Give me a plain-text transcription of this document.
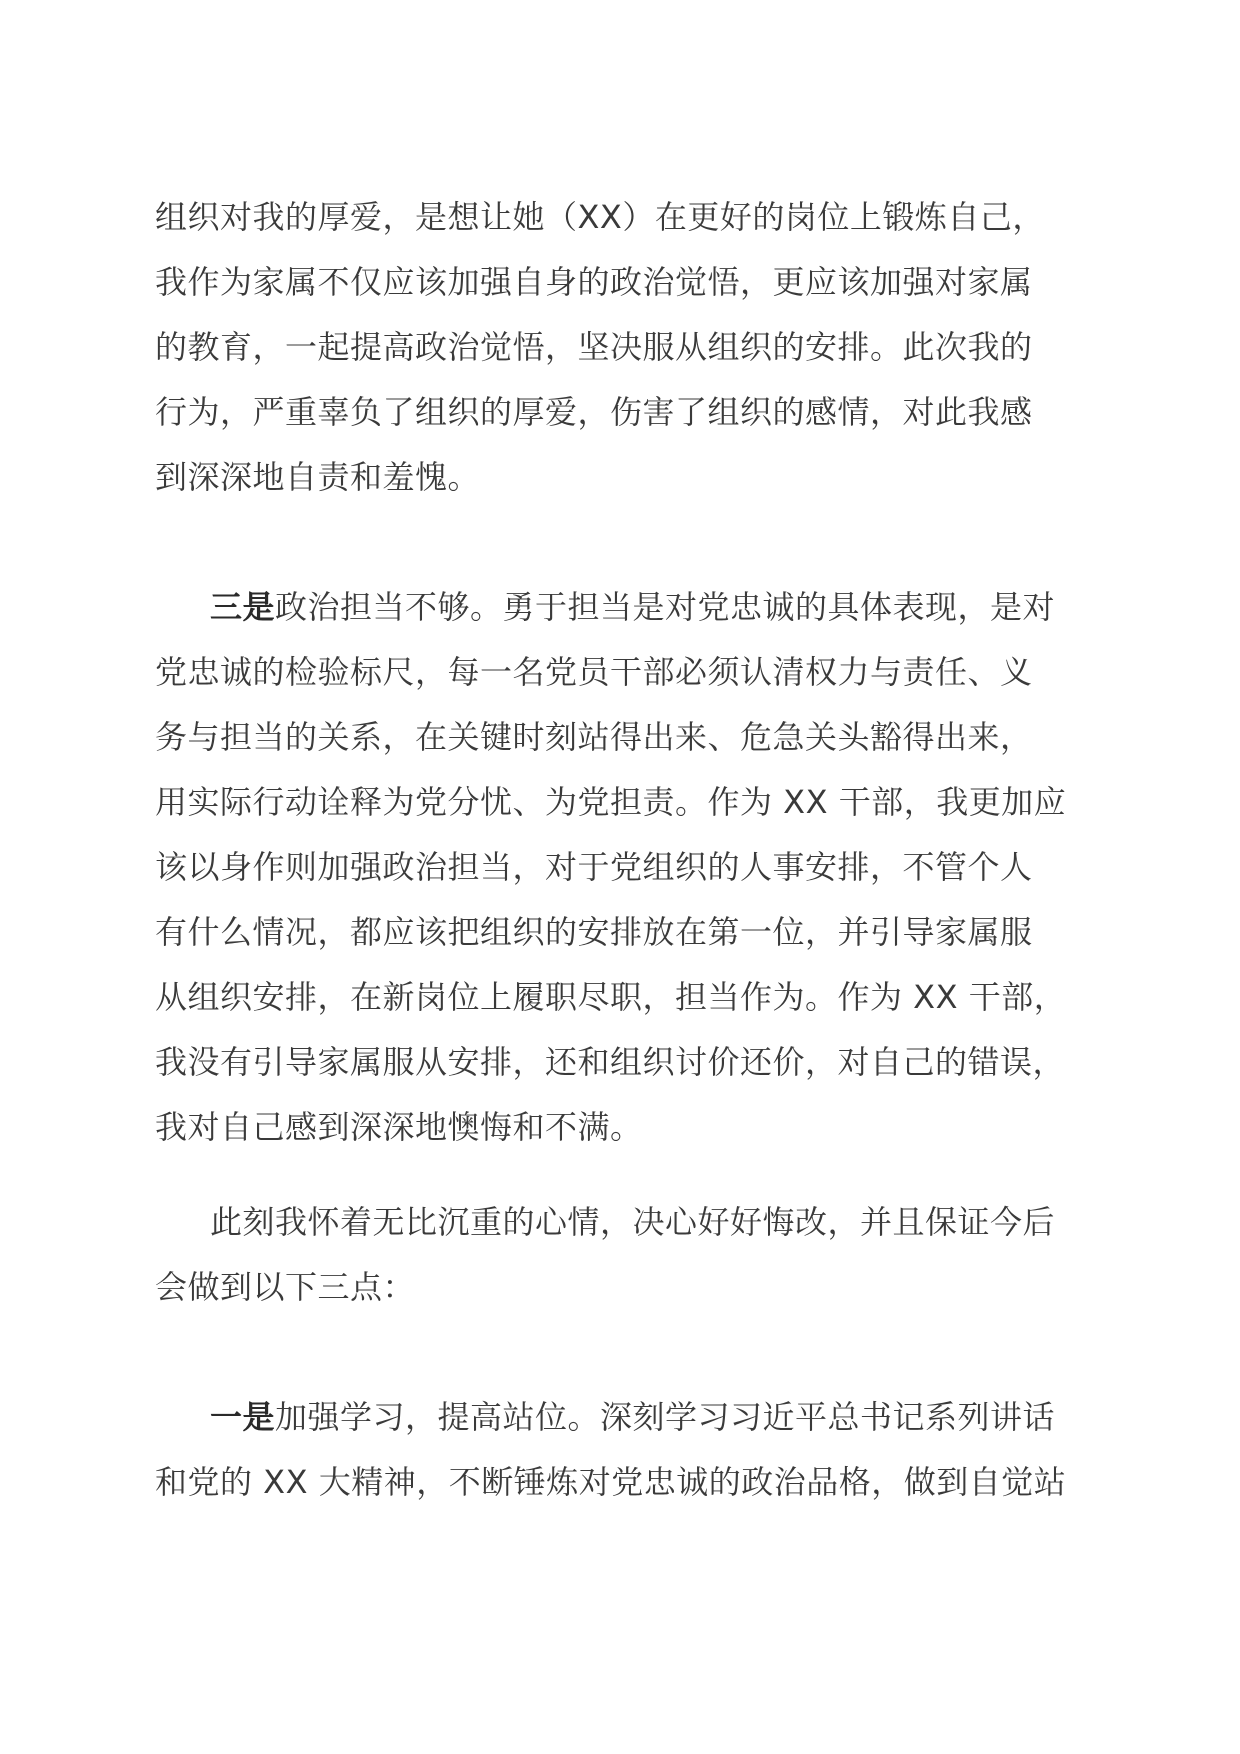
组织对我的厚爱，是想让她（XX）在更好的岗位上锻炼自己，
我作为家属不仅应该加强自身的政治觉悟，更应该加强对家属
的教育，一起提高政治觉悟，坚决服从组织的安排。此次我的
行为，严重辜负了组织的厚爱，伤害了组织的感情，对此我感
到深深地自责和羞愧。
三是政治担当不够。勇于担当是对党忠诚的具体表现，是对
党忠诚的检验标尺，每一名党员干部必须认清权力与责任、义
务与担当的关系，在关键时刻站得出来、危急关头豁得出来，
用实际行动诠释为党分忧、为党担责。作为 XX 干部，我更加应
该以身作则加强政治担当，对于党组织的人事安排，不管个人
有什么情况，都应该把组织的安排放在第一位，并引导家属服
从组织安排，在新岗位上履职尽职，担当作为。作为 XX 干部，
我没有引导家属服从安排，还和组织讨价还价，对自己的错误，
我对自己感到深深地懊悔和不满。
此刻我怀着无比沉重的心情，决心好好悔改，并且保证今后
会做到以下三点：
一是加强学习，提高站位。深刻学习习近平总书记系列讲话
和党的 XX 大精神，不断锤炼对党忠诚的政治品格，做到自觉站
